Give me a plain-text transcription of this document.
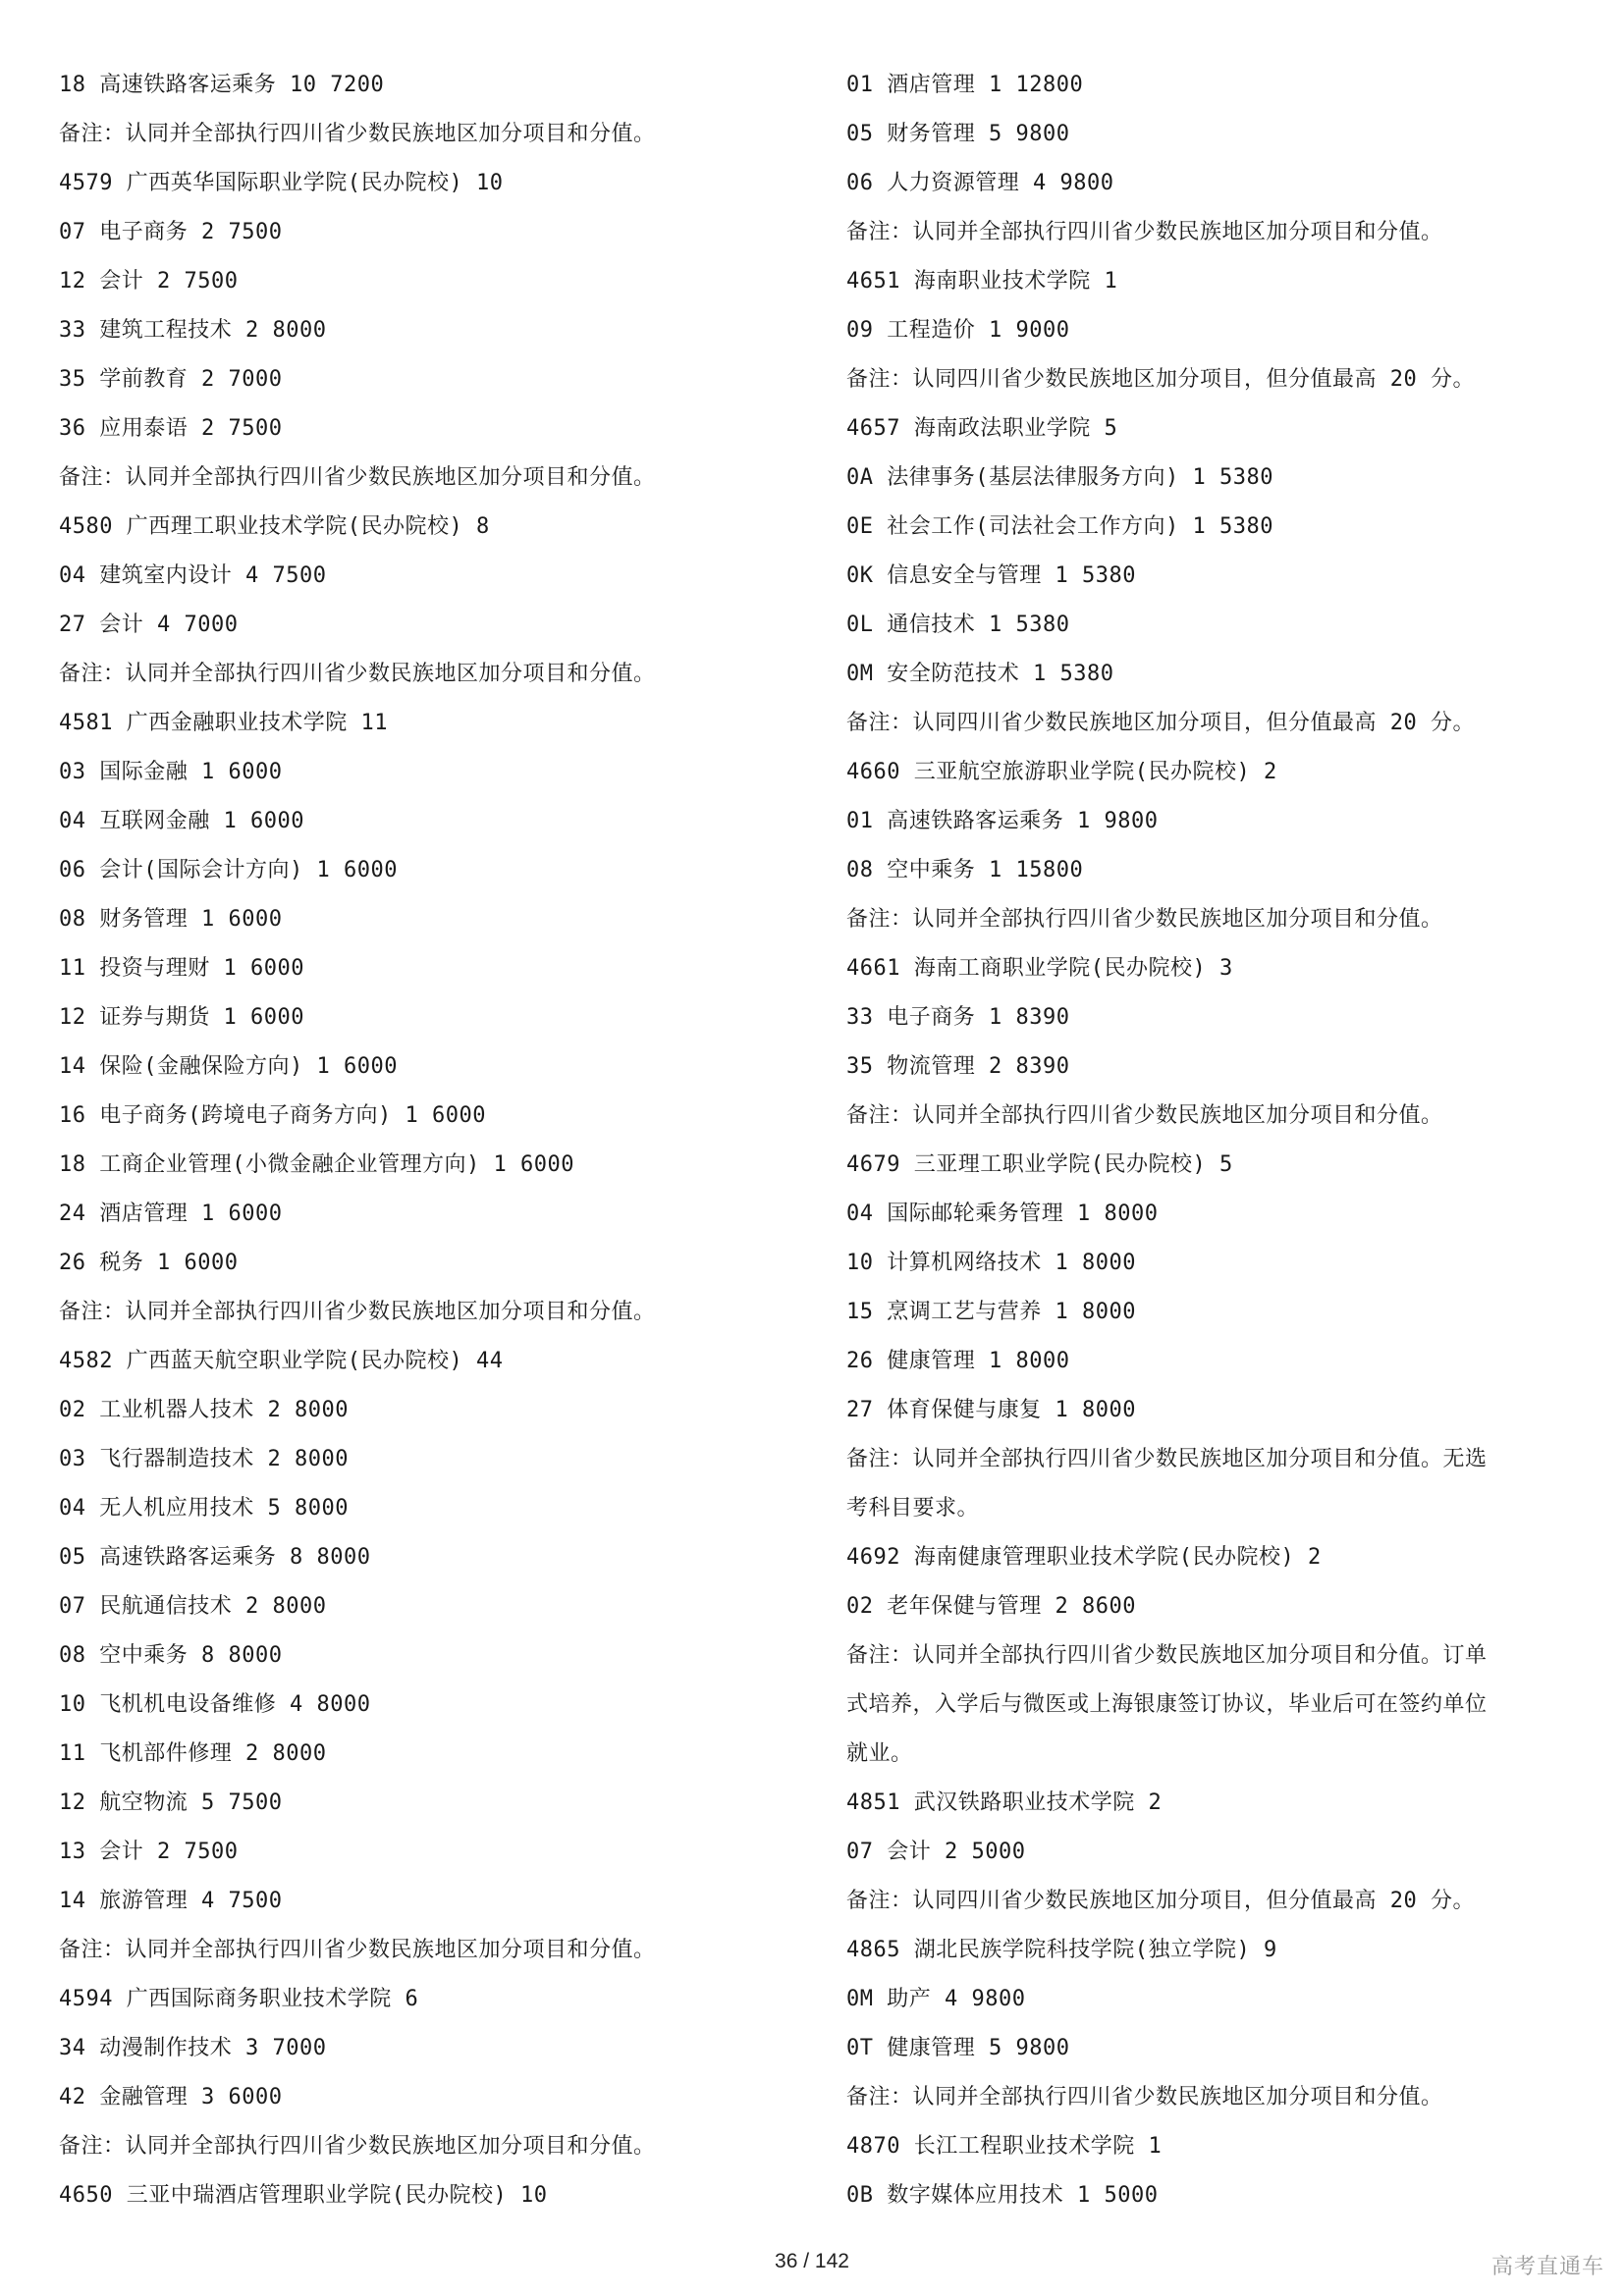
18 高速铁路客运乘务 10 7200
备注：认同并全部执行四川省少数民族地区加分项目和分值。
4579 广西英华国际职业学院(民办院校) 10
07 电子商务 2 7500
12 会计 2 7500
33 建筑工程技术 2 8000
35 学前教育 2 7000
36 应用泰语 2 7500
备注：认同并全部执行四川省少数民族地区加分项目和分值。
4580 广西理工职业技术学院(民办院校) 8
04 建筑室内设计 4 7500
27 会计 4 7000
备注：认同并全部执行四川省少数民族地区加分项目和分值。
4581 广西金融职业技术学院 11
03 国际金融 1 6000
04 互联网金融 1 6000
06 会计(国际会计方向) 1 6000
08 财务管理 1 6000
11 投资与理财 1 6000
12 证券与期货 1 6000
14 保险(金融保险方向) 1 6000
16 电子商务(跨境电子商务方向) 1 6000
18 工商企业管理(小微金融企业管理方向) 1 6000
24 酒店管理 1 6000
26 税务 1 6000
备注：认同并全部执行四川省少数民族地区加分项目和分值。
4582 广西蓝天航空职业学院(民办院校) 44
02 工业机器人技术 2 8000
03 飞行器制造技术 2 8000
04 无人机应用技术 5 8000
05 高速铁路客运乘务 8 8000
07 民航通信技术 2 8000
08 空中乘务 8 8000
10 飞机机电设备维修 4 8000
11 飞机部件修理 2 8000
12 航空物流 5 7500
13 会计 2 7500
14 旅游管理 4 7500
备注：认同并全部执行四川省少数民族地区加分项目和分值。
4594 广西国际商务职业技术学院 6
34 动漫制作技术 3 7000
42 金融管理 3 6000
备注：认同并全部执行四川省少数民族地区加分项目和分值。
4650 三亚中瑞酒店管理职业学院(民办院校) 10
01 酒店管理 1 12800
05 财务管理 5 9800
06 人力资源管理 4 9800
备注：认同并全部执行四川省少数民族地区加分项目和分值。
4651 海南职业技术学院 1
09 工程造价 1 9000
备注：认同四川省少数民族地区加分项目，但分值最高 20 分。
4657 海南政法职业学院 5
0A 法律事务(基层法律服务方向) 1 5380
0E 社会工作(司法社会工作方向) 1 5380
0K 信息安全与管理 1 5380
0L 通信技术 1 5380
0M 安全防范技术 1 5380
备注：认同四川省少数民族地区加分项目，但分值最高 20 分。
4660 三亚航空旅游职业学院(民办院校) 2
01 高速铁路客运乘务 1 9800
08 空中乘务 1 15800
备注：认同并全部执行四川省少数民族地区加分项目和分值。
4661 海南工商职业学院(民办院校) 3
33 电子商务 1 8390
35 物流管理 2 8390
备注：认同并全部执行四川省少数民族地区加分项目和分值。
4679 三亚理工职业学院(民办院校) 5
04 国际邮轮乘务管理 1 8000
10 计算机网络技术 1 8000
15 烹调工艺与营养 1 8000
26 健康管理 1 8000
27 体育保健与康复 1 8000
备注：认同并全部执行四川省少数民族地区加分项目和分值。无选
考科目要求。
4692 海南健康管理职业技术学院(民办院校) 2
02 老年保健与管理 2 8600
备注：认同并全部执行四川省少数民族地区加分项目和分值。订单
式培养，入学后与微医或上海银康签订协议，毕业后可在签约单位
就业。
4851 武汉铁路职业技术学院 2
07 会计 2 5000
备注：认同四川省少数民族地区加分项目，但分值最高 20 分。
4865 湖北民族学院科技学院(独立学院) 9
0M 助产 4 9800
0T 健康管理 5 9800
备注：认同并全部执行四川省少数民族地区加分项目和分值。
4870 长江工程职业技术学院 1
0B 数字媒体应用技术 1 5000
36 / 142	高考直通车
